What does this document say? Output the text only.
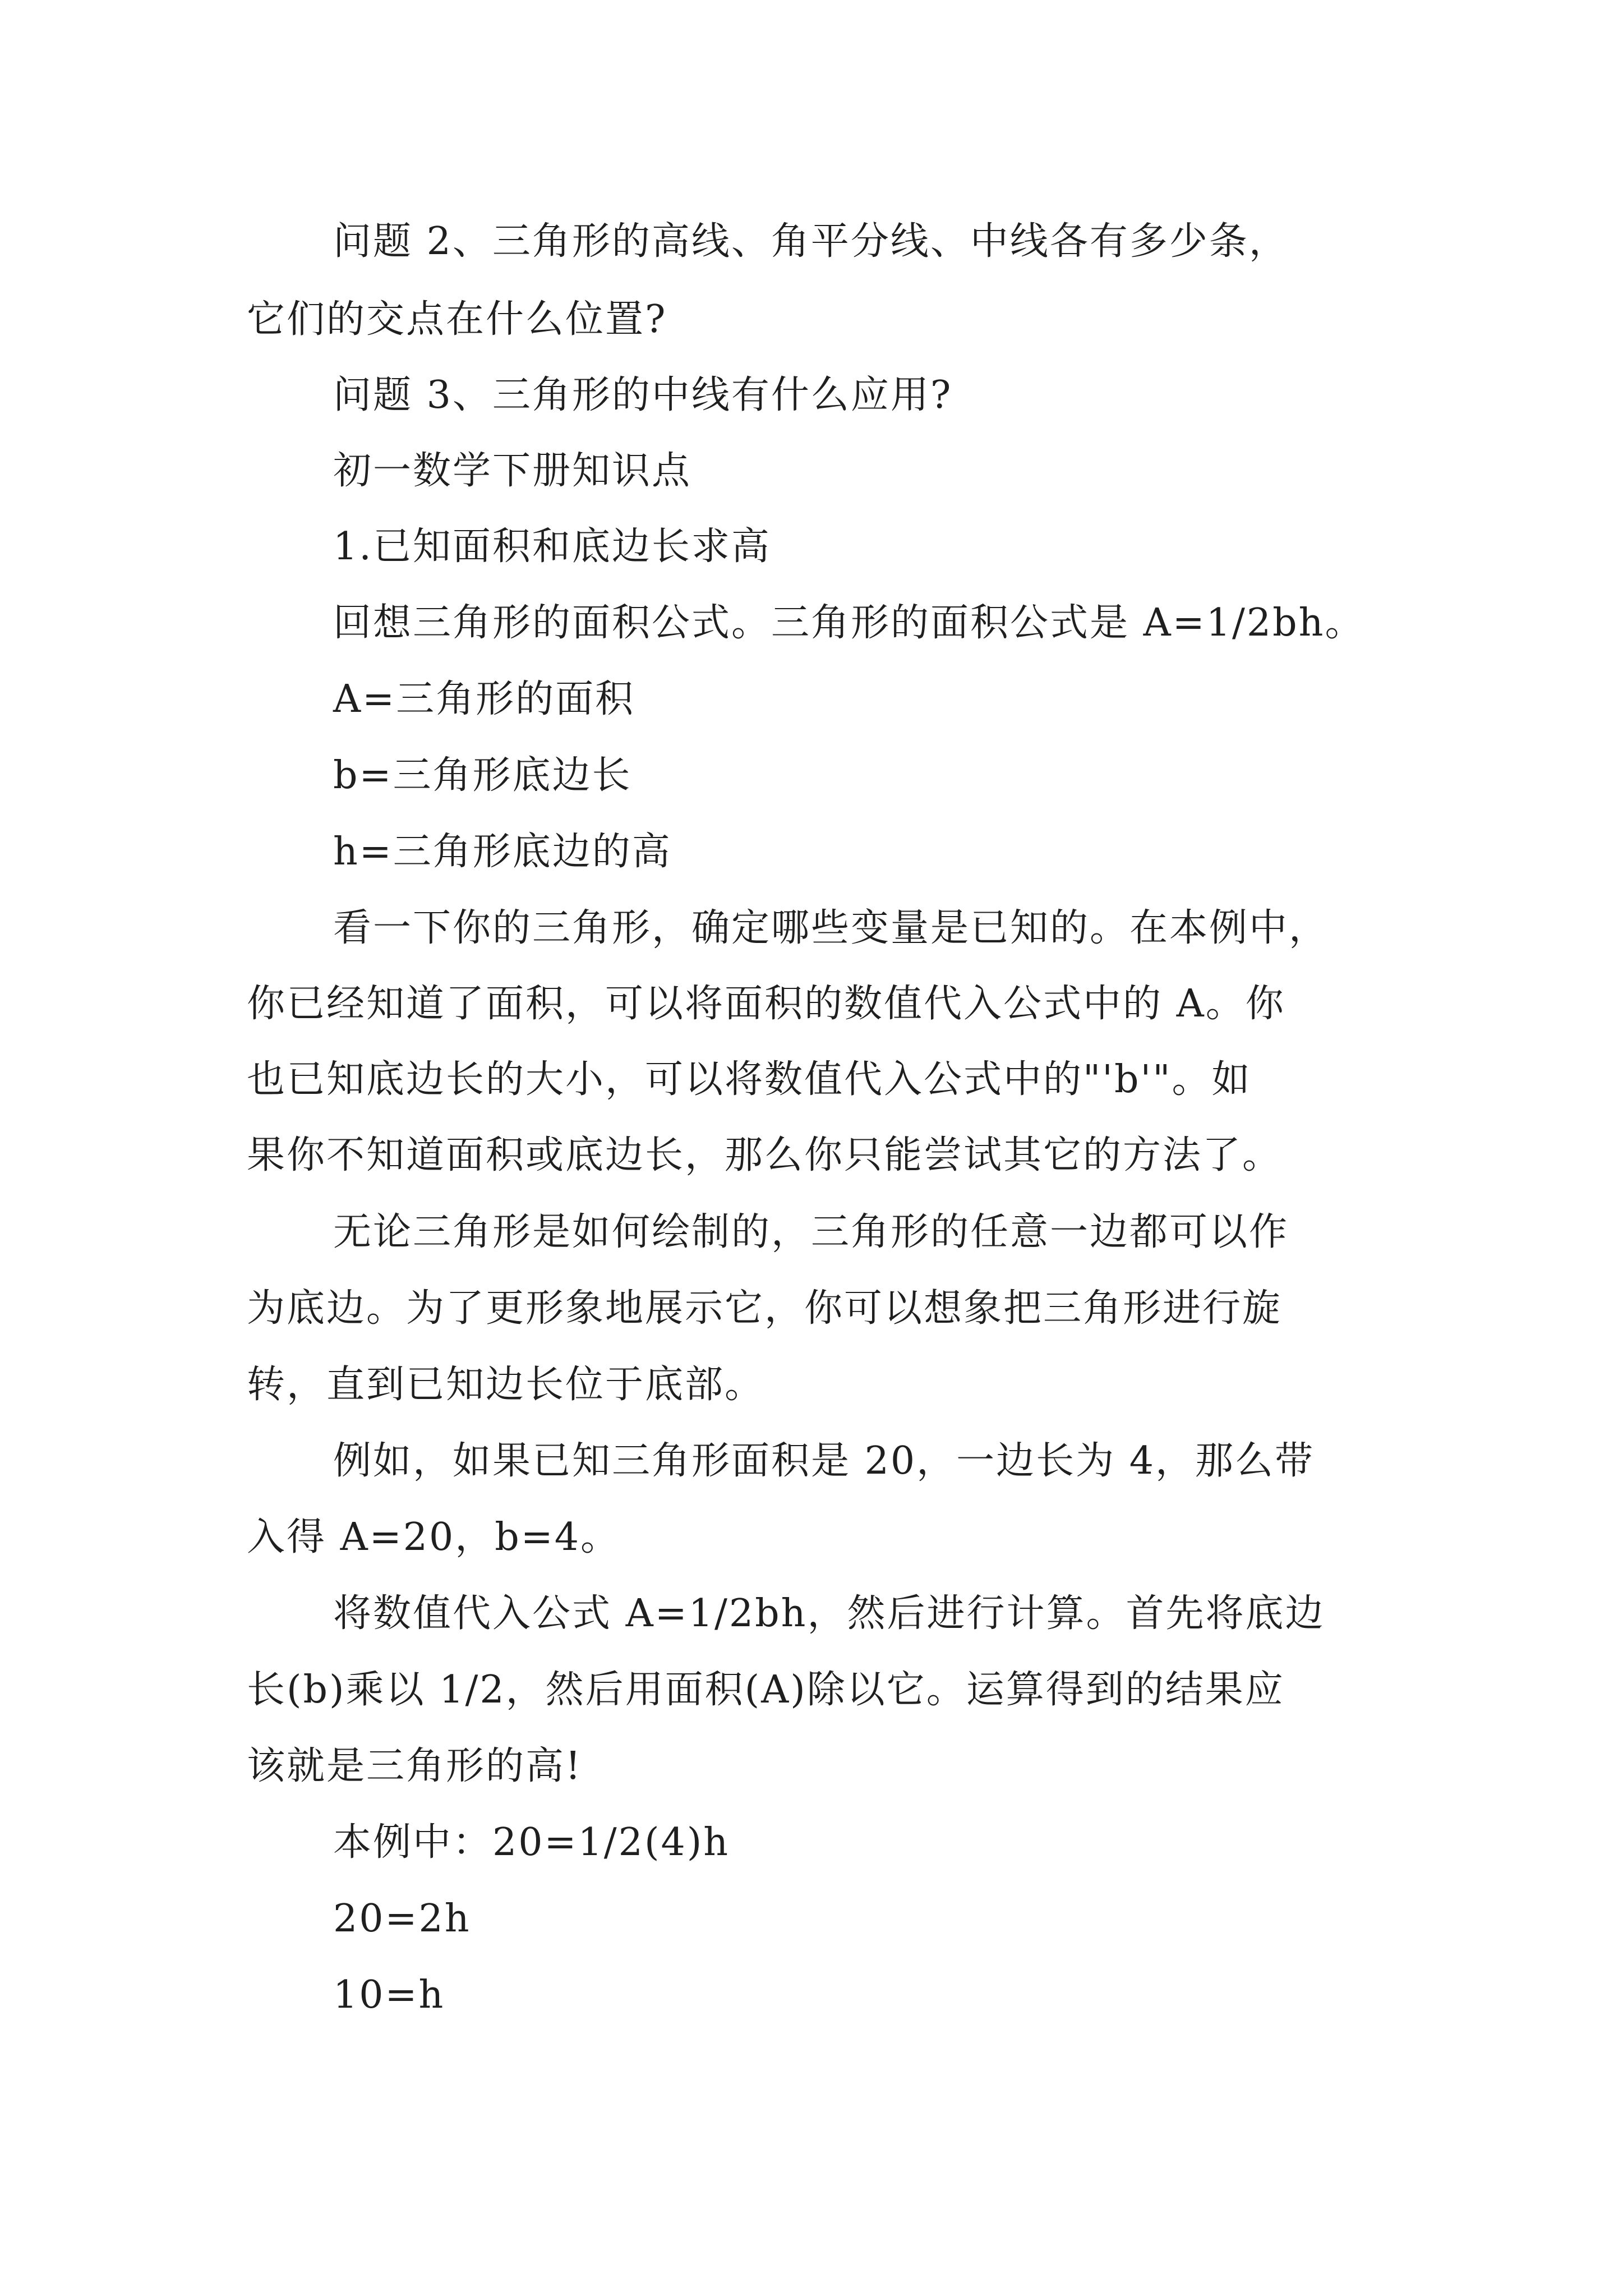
问题 2、三角形的高线、角平分线、中线各有多少条，

它们的交点在什么位置?

问题 3、三角形的中线有什么应用?

初一数学下册知识点

1.已知面积和底边长求高

回想三角形的面积公式。三角形的面积公式是 A=1/2bh。

A=三角形的面积

b=三角形底边长

h=三角形底边的高

看一下你的三角形，确定哪些变量是已知的。在本例中，

你已经知道了面积，可以将面积的数值代入公式中的 A。你

也已知底边长的大小，可以将数值代入公式中的"'b'"。如

果你不知道面积或底边长，那么你只能尝试其它的方法了。

无论三角形是如何绘制的，三角形的任意一边都可以作

为底边。为了更形象地展示它，你可以想象把三角形进行旋

转，直到已知边长位于底部。

例如，如果已知三角形面积是 20，一边长为 4，那么带

入得 A=20，b=4。

将数值代入公式 A=1/2bh，然后进行计算。首先将底边

长(b)乘以 1/2，然后用面积(A)除以它。运算得到的结果应

该就是三角形的高!

本例中：20=1/2(4)h

20=2h

10=h
